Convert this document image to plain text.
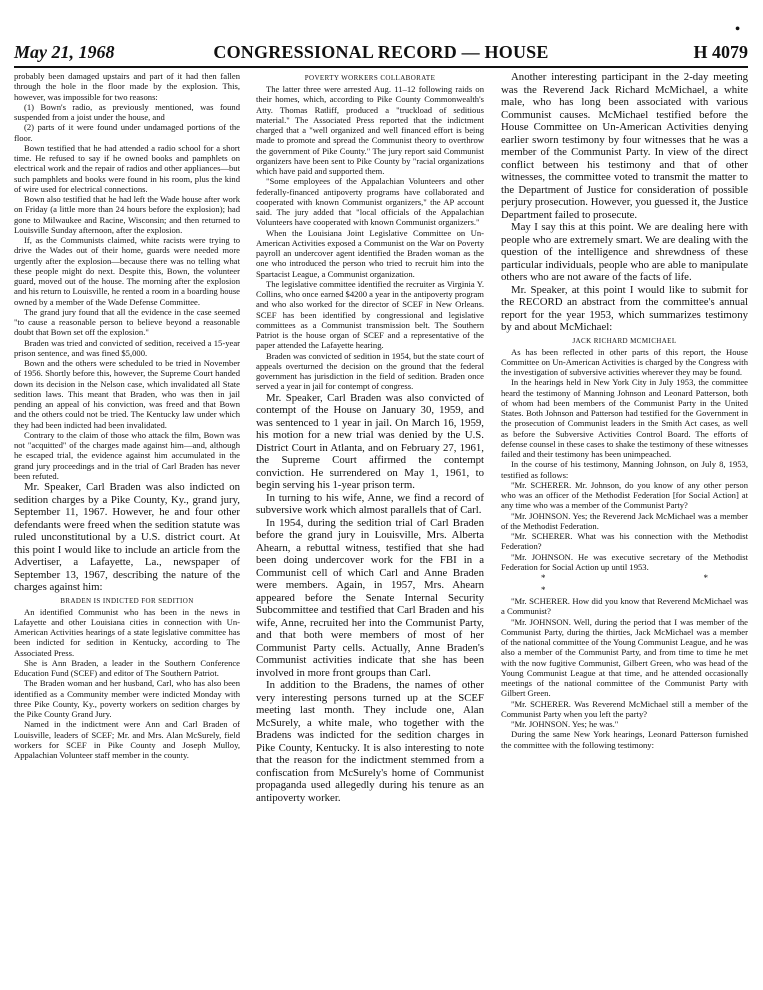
•
May 21, 1968	CONGRESSIONAL RECORD — HOUSE	H 4079

probably been damaged upstairs and part of it had then fallen through the hole in the floor made by the explosion. This, however, was impossible for two reasons:

(1) Bown's radio, as previously mentioned, was found suspended from a joist under the house, and

(2) parts of it were found under undamaged portions of the floor.

Bown testified that he had attended a radio school for a short time. He refused to say if he owned books and pamphlets on electrical work and the repair of radios and other appliances—but such pamphlets and books were found in his room, plus the kind of wire used for electrical connections.

Bown also testified that he had left the Wade house after work on Friday (a little more than 24 hours before the explosion); had gone to Milwaukee and Racine, Wisconsin; and then returned to Louisville Sunday afternoon, after the explosion.

If, as the Communists claimed, white racists were trying to drive the Wades out of their home, guards were needed more urgently after the explosion—because there was no telling what these people might do next. Despite this, Bown, the volunteer guard, moved out of the house. The morning after the explosion and his return to Louisville, he rented a room in a boarding house owned by a member of the Wade Defense Committee.

The grand jury found that all the evidence in the case seemed "to cause a reasonable person to believe beyond a reasonable doubt that Bown set off the explosion."

Braden was tried and convicted of sedition, received a 15-year prison sentence, and was fined $5,000.

Bown and the others were scheduled to be tried in November of 1956. Shortly before this, however, the Supreme Court handed down its decision in the Nelson case, which invalidated all State sedition laws. This meant that Braden, who was then in jail pending an appeal of his conviction, was freed and that Bown and the others could not be tried. The Kentucky law under which they had been indicted had been invalidated.

Contrary to the claim of those who attack the film, Bown was not "acquitted" of the charges made against him—and, although he escaped trial, the evidence against him accumulated in the grand jury proceedings and in the trial of Carl Braden has never been refuted.

Mr. Speaker, Carl Braden was also indicted on sedition charges by a Pike County, Ky., grand jury, September 11, 1967. However, he and four other defendants were freed when the sedition statute was ruled unconstitutional by a U.S. district court. At this point I would like to include an article from the Advertiser, a Lafayette, La., newspaper of September 13, 1967, describing the nature of the charges against him:

BRADEN IS INDICTED FOR SEDITION

An identified Communist who has been in the news in Lafayette and other Louisiana cities in connection with Un-American Activities hearings of a state legislative committee has been indicted for sedition in Kentucky, according to The Associated Press.

She is Ann Braden, a leader in the Southern Conference Education Fund (SCEF) and editor of The Southern Patriot.

The Braden woman and her husband, Carl, who has also been identified as a Community member were indicted Monday with three Pike County, Ky., poverty workers on sedition charges by the Pike County Grand Jury.

Named in the indictment were Ann and Carl Braden of Louisville, leaders of SCEF; Mr. and Mrs. Alan McSurely, field workers for SCEF in Pike County and Joseph Mulloy, Appalachian Volunteer staff member in the county.

POVERTY WORKERS COLLABORATE

The latter three were arrested Aug. 11–12 following raids on their homes, which, according to Pike County Commonwealth's Atty. Thomas Ratliff, produced a "truckload of seditious material." The Associated Press reported that the indictment charged that a "well organized and well financed effort is being made to promote and spread the Communist theory to overthrow the government of Pike County." The jury report said Communist organizers have been sent to Pike County by "racial organizations which have paid and supported them.

"Some employees of the Appalachian Volunteers and other federally-financed antipoverty programs have collaborated and cooperated with known Communist organizers," the AP account said. The jury added that "local officials of the Appalachian Volunteers have cooperated with known Communist organizers."

When the Louisiana Joint Legislative Committee on Un-American Activities exposed a Communist on the War on Poverty payroll an undercover agent identified the Braden woman as the one who introduced the person who tried to recruit him into the Spartacist League, a Communist organization.

The legislative committee identified the recruiter as Virginia Y. Collins, who once earned $4200 a year in the antipoverty program and who also worked for the director of SCEF in New Orleans. SCEF has been identified by congressional and legislative committees as a Communist transmission belt. The Southern Patriot is the house organ of SCEF and a representative of the paper attended the Lafayette hearing.

Braden was convicted of sedition in 1954, but the state court of appeals overturned the decision on the ground that the federal government has jurisdiction in the field of sedition. Braden once served a year in jail for contempt of congress.

Mr. Speaker, Carl Braden was also convicted of contempt of the House on January 30, 1959, and was sentenced to 1 year in jail. On March 16, 1959, his motion for a new trial was denied by the U.S. District Court in Atlanta, and on February 27, 1961, the Supreme Court affirmed the contempt conviction. He surrendered on May 1, 1961, to begin serving his 1-year prison term.

In turning to his wife, Anne, we find a record of subversive work which almost parallels that of Carl.

In 1954, during the sedition trial of Carl Braden before the grand jury in Louisville, Mrs. Alberta Ahearn, a rebuttal witness, testified that she had been doing undercover work for the FBI in a Communist cell of which Carl and Anne Braden were members. Again, in 1957, Mrs. Ahearn appeared before the Senate Internal Security Subcommittee and testified that Carl Braden and his wife, Anne, recruited her into the Communist Party, and that both were members of most of her Communist Party cells. Actually, Anne Braden's Communist activities indicate that she has been involved in more front groups than Carl.

In addition to the Bradens, the names of other very interesting persons turned up at the SCEF meeting last month. They include one, Alan McSurely, a white male, who together with the Bradens was indicted for the sedition charges in Pike County, Kentucky. It is also interesting to note that the reason for the indictment stemmed from a confiscation from McSurely's home of Communist propaganda used allegedly during his tenure as an antipoverty worker.

Another interesting participant in the 2-day meeting was the Reverend Jack Richard McMichael, a white male, who has long been associated with various Communist causes. McMichael testified before the House Committee on Un-American Activities denying earlier sworn testimony by four witnesses that he was a member of the Communist Party. In view of the direct conflict between his testimony and that of other witnesses, the committee voted to transmit the matter to the Department of Justice for consideration of possible perjury prosecution. However, you guessed it, the Justice Department failed to prosecute.

May I say this at this point. We are dealing here with people who are extremely smart. We are dealing with the question of the intelligence and shrewdness of these particular individuals, people who are able to manipulate others who are not aware of the facts of life.

Mr. Speaker, at this point I would like to submit for the RECORD an abstract from the committee's annual report for the year 1953, which summarizes testimony by and about McMichael:

JACK RICHARD MCMICHAEL

As has been reflected in other parts of this report, the House Committee on Un-American Activities is charged by the Congress with the investigation of subversive activities wherever they may be found.

In the hearings held in New York City in July 1953, the committee heard the testimony of Manning Johnson and Leonard Patterson, both of whom had been members of the Communist Party in the United States. Both Johnson and Patterson had testified for the Government in the prosecution of Communist leaders in the Smith Act cases, as well as before the Subversive Activities Control Board. The efforts of defense counsel in these cases to shake the testimony of these witnesses failed and their testimony has been unimpeached.

In the course of his testimony, Manning Johnson, on July 8, 1953, testified as follows:

"Mr. SCHERER. Mr. Johnson, do you know of any other person who was an officer of the Methodist Federation [for Social Action] at any time who was a member of the Communist Party?

"Mr. JOHNSON. Yes; the Reverend Jack McMichael was a member of the Methodist Federation.

"Mr. SCHERER. What was his connection with the Methodist Federation?

"Mr. JOHNSON. He was executive secretary of the Methodist Federation for Social Action up until 1953.

* * *

"Mr. SCHERER. How did you know that Reverend McMichael was a Communist?

"Mr. JOHNSON. Well, during the period that I was member of the Communist Party, during the thirties, Jack McMichael was a member of the national committee of the Young Communist League, and he was also a member of the Communist Party, and from time to time he met with the now fugitive Communist, Gilbert Green, who was head of the Young Communist League at that time, and he attended occasionally meetings of the national committee of the Communist Party with Gilbert Green.

"Mr. SCHERER. Was Reverend McMichael still a member of the Communist Party when you left the party?

"Mr. JOHNSON. Yes; he was."

During the same New York hearings, Leonard Patterson furnished the committee with the following testimony:
